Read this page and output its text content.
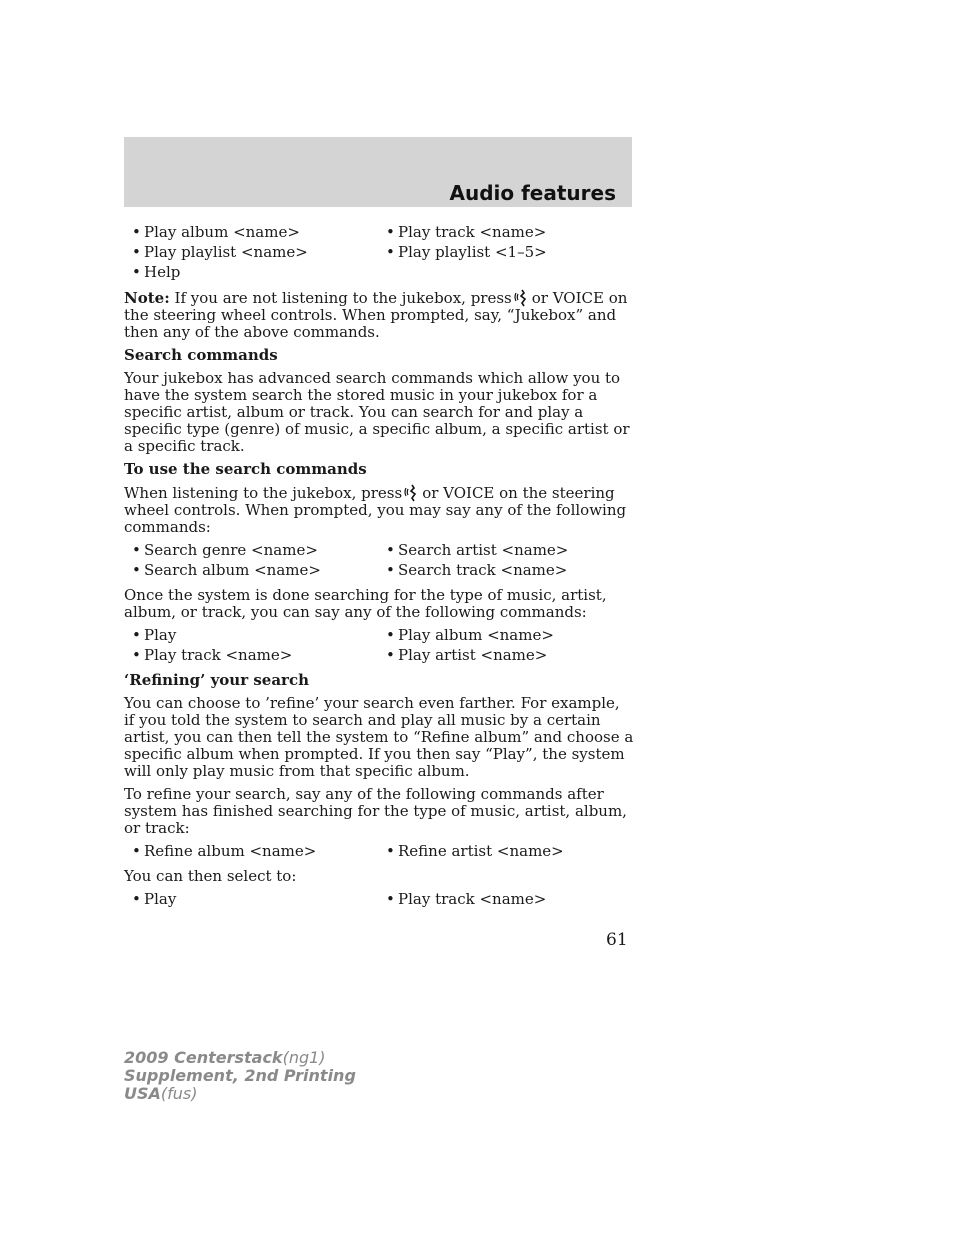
Audio features
• Play album <name>	• Play track <name>
• Play playlist <name>	• Play playlist <1–5>
• Help

Note: If you are not listening to the jukebox, press or VOICE on the steering wheel controls. When prompted, say, “Jukebox” and then any of the above commands.

Search commands

Your jukebox has advanced search commands which allow you to have the system search the stored music in your jukebox for a specific artist, album or track. You can search for and play a specific type (genre) of music, a specific album, a specific artist or a specific track.

To use the search commands

When listening to the jukebox, press or VOICE on the steering wheel controls. When prompted, you may say any of the following commands:

• Search genre <name>	• Search artist <name>
• Search album <name>	• Search track <name>

Once the system is done searching for the type of music, artist, album, or track, you can say any of the following commands:

• Play	• Play album <name>
• Play track <name>	• Play artist <name>

‘Refining’ your search

You can choose to ’refine’ your search even farther. For example, if you told the system to search and play all music by a certain artist, you can then tell the system to “Refine album” and choose a specific album when prompted. If you then say “Play”, the system will only play music from that specific album.

To refine your search, say any of the following commands after system has finished searching for the type of music, artist, album, or track:

• Refine album <name>	• Refine artist <name>

You can then select to:

• Play	• Play track <name>
61
2009 Centerstack(ng1)
Supplement, 2nd Printing
USA(fus)
